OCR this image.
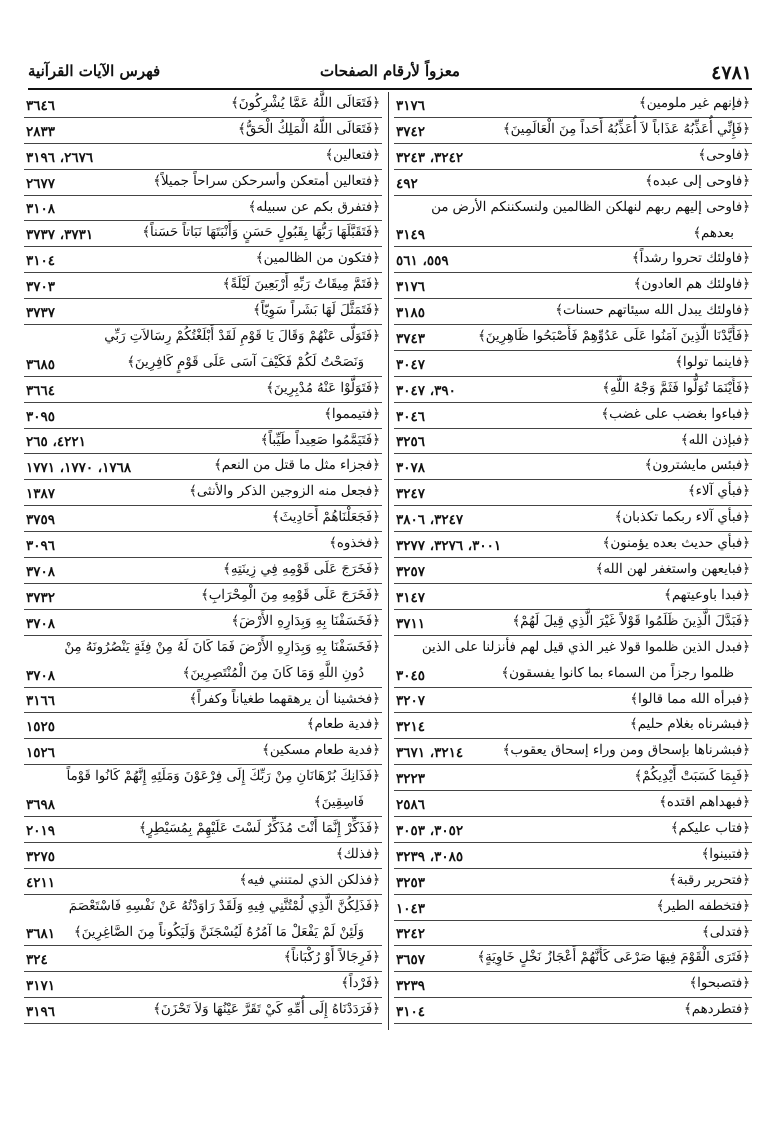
٤٧٨١
معزواً لأرقام الصفحات
فهرس الآيات القرآنية
﴿فإنهم غير ملومين﴾
٣١٧٦
﴿فَإِنِّي أُعَذِّبُهُ عَذَاباً لاَ أُعَذِّبُهُ أَحَداً مِنَ الْعَالَمِينَ﴾
٣٧٤٢
﴿فاوحى﴾
٣٢٤٢، ٣٢٤٣
﴿فاوحى إلى عبده﴾
٤٩٢
﴿فاوحى إليهم ربهم لنهلكن الظالمين ولنسكننكم الأرض من
بعدهم﴾
٣١٤٩
﴿فاولئك تحروا رشداً﴾
٥٥٩، ٥٦١
﴿فاولئك هم العادون﴾
٣١٧٦
﴿فاولئك يبدل الله سيئاتهم حسنات﴾
٣١٨٥
﴿فَأَيَّدْنَا الَّذِينَ آمَنُوا عَلَى عَدُوِّهِمْ فَأَصْبَحُوا ظَاهِرِينَ﴾
٣٧٤٣
﴿فاينما تولوا﴾
٣٠٤٧
﴿فَأَيْنَمَا تُوَلُّوا فَثَمَّ وَجْهُ اللَّهِ﴾
٣٩٠، ٣٠٤٧
﴿فباءوا بغضب على غضب﴾
٣٠٤٦
﴿فبإذن الله﴾
٣٢٥٦
﴿فبئس مايشترون﴾
٣٠٧٨
﴿فبأي آلاء﴾
٣٢٤٧
﴿فبأي آلاء ربكما تكذبان﴾
٣٢٤٧، ٣٨٠٦
﴿فبأي حديث بعده يؤمنون﴾
٣٠٠١، ٣٢٧٦، ٣٢٧٧
﴿فبايعهن واستغفر لهن الله﴾
٣٢٥٧
﴿فبدا باوعيتهم﴾
٣١٤٧
﴿فَبَدَّلَ الَّذِينَ ظَلَمُوا قَوْلاً غَيْرَ الَّذِي قِيلَ لَهُمْ﴾
٣٧١١
﴿فبدل الذين ظلموا قولا غير الذي قيل لهم فأنزلنا على الذين
ظلموا رجزاً من السماء بما كانوا يفسقون﴾
٣٠٤٥
﴿فبرأه الله مما قالوا﴾
٣٢٠٧
﴿فبشرناه بغلام حليم﴾
٣٢١٤
﴿فبشرناها بإسحاق ومن وراء إسحاق يعقوب﴾
٣٢١٤، ٣٦٧١
﴿فَبِمَا كَسَبَتْ أَيْدِيكُمْ﴾
٣٢٢٣
﴿فبهداهم اقتده﴾
٢٥٨٦
﴿فتاب عليكم﴾
٣٠٥٢، ٣٠٥٣
﴿فتبينوا﴾
٣٠٨٥، ٣٢٣٩
﴿فتحرير رقبة﴾
٣٢٥٣
﴿فتخطفه الطير﴾
١٠٤٣
﴿فتدلى﴾
٣٢٤٢
﴿فَتَرَى الْقَوْمَ فِيهَا صَرْعَى كَأَنَّهُمْ أَعْجَازُ نَخْلٍ خَاوِيَةٍ﴾
٣٦٥٧
﴿فتصبحوا﴾
٣٢٣٩
﴿فتطردهم﴾
٣١٠٤
﴿فَتَعَالَى اللَّهُ عَمَّا يُشْرِكُونَ﴾
٣٦٤٦
﴿فَتَعَالَى اللَّهُ الْمَلِكُ الْحَقُّ﴾
٢٨٣٣
﴿فتعالين﴾
٢٦٧٦، ٣١٩٦
﴿فتعالين أمتعكن وأسرحكن سراحاً جميلاً﴾
٢٦٧٧
﴿فتفرق بكم عن سبيله﴾
٣١٠٨
﴿فَتَقَبَّلَهَا رَبُّهَا بِقَبُولٍ حَسَنٍ وَأَنْبَتَهَا نَبَاتاً حَسَناً﴾
٣٧٣١، ٣٧٣٧
﴿فتكون من الظالمين﴾
٣١٠٤
﴿فَتَمَّ مِيقَاتُ رَبِّهِ أَرْبَعِينَ لَيْلَةً﴾
٣٧٠٣
﴿فَتَمَثَّلَ لَهَا بَشَراً سَوِيّاً﴾
٣٧٣٧
﴿فَتَوَلَّى عَنْهُمْ وَقَالَ يَا قَوْمِ لَقَدْ أَبْلَغْتُكُمْ رِسَالاَتِ رَبِّي
وَنَصَحْتُ لَكُمْ فَكَيْفَ آسَى عَلَى قَوْمٍ كَافِرِينَ﴾
٣٦٨٥
﴿فَتَوَلَّوْا عَنْهُ مُدْبِرِينَ﴾
٣٦٦٤
﴿فتيمموا﴾
٣٠٩٥
﴿فَتَيَمَّمُوا صَعِيداً طَيِّباً﴾
٤٢٢١، ٢٦٥
﴿فجزاء مثل ما قتل من النعم﴾
١٧٦٨، ١٧٧٠، ١٧٧١
﴿فجعل منه الزوجين الذكر والأنثى﴾
١٣٨٧
﴿فَجَعَلْنَاهُمْ أَحَادِيثَ﴾
٣٧٥٩
﴿فخذوه﴾
٣٠٩٦
﴿فَخَرَجَ عَلَى قَوْمِهِ فِي زِينَتِهِ﴾
٣٧٠٨
﴿فَخَرَجَ عَلَى قَوْمِهِ مِنَ الْمِحْرَابِ﴾
٣٧٣٢
﴿فَخَسَفْنَا بِهِ وَبِدَارِهِ الأَرْضَ﴾
٣٧٠٨
﴿فَخَسَفْنَا بِهِ وَبِدَارِهِ الأَرْضَ فَمَا كَانَ لَهُ مِنْ فِئَةٍ يَنْصُرُونَهُ مِنْ
دُونِ اللَّهِ وَمَا كَانَ مِنَ الْمُنْتَصِرِينَ﴾
٣٧٠٨
﴿فخشينا أن يرهقهما طغياناً وكفراً﴾
٣١٦٦
﴿فدية طعام﴾
١٥٢٥
﴿فدية طعام مسكين﴾
١٥٢٦
﴿فَذَانِكَ بُرْهَانَانِ مِنْ رَبِّكَ إِلَى فِرْعَوْنَ وَمَلَئِهِ إِنَّهُمْ كَانُوا قَوْماً
فَاسِقِينَ﴾
٣٦٩٨
﴿فَذَكِّرْ إِنَّمَا أَنْتَ مُذَكِّرٌ لَسْتَ عَلَيْهِمْ بِمُسَيْطِرٍ﴾
٢٠١٩
﴿فذلك﴾
٣٢٧٥
﴿فذلكن الذي لمتنني فيه﴾
٤٢١١
﴿فَذَلِكُنَّ الَّذِي لُمْتُنَّنِي فِيهِ وَلَقَدْ رَاوَدْتُهُ عَنْ نَفْسِهِ فَاسْتَعْصَمَ
وَلَئِنْ لَمْ يَفْعَلْ مَا آمُرُهُ لَيُسْجَنَنَّ وَلَيَكُوناً مِنَ الصَّاغِرِينَ﴾
٣٦٨١
﴿فَرِجَالاً أَوْ رُكْبَاناً﴾
٣٢٤
﴿فَرْداً﴾
٣١٧١
﴿فَرَدَدْنَاهُ إِلَى أُمِّهِ كَيْ تَقَرَّ عَيْنُهَا وَلاَ تَحْزَنَ﴾
٣١٩٦
